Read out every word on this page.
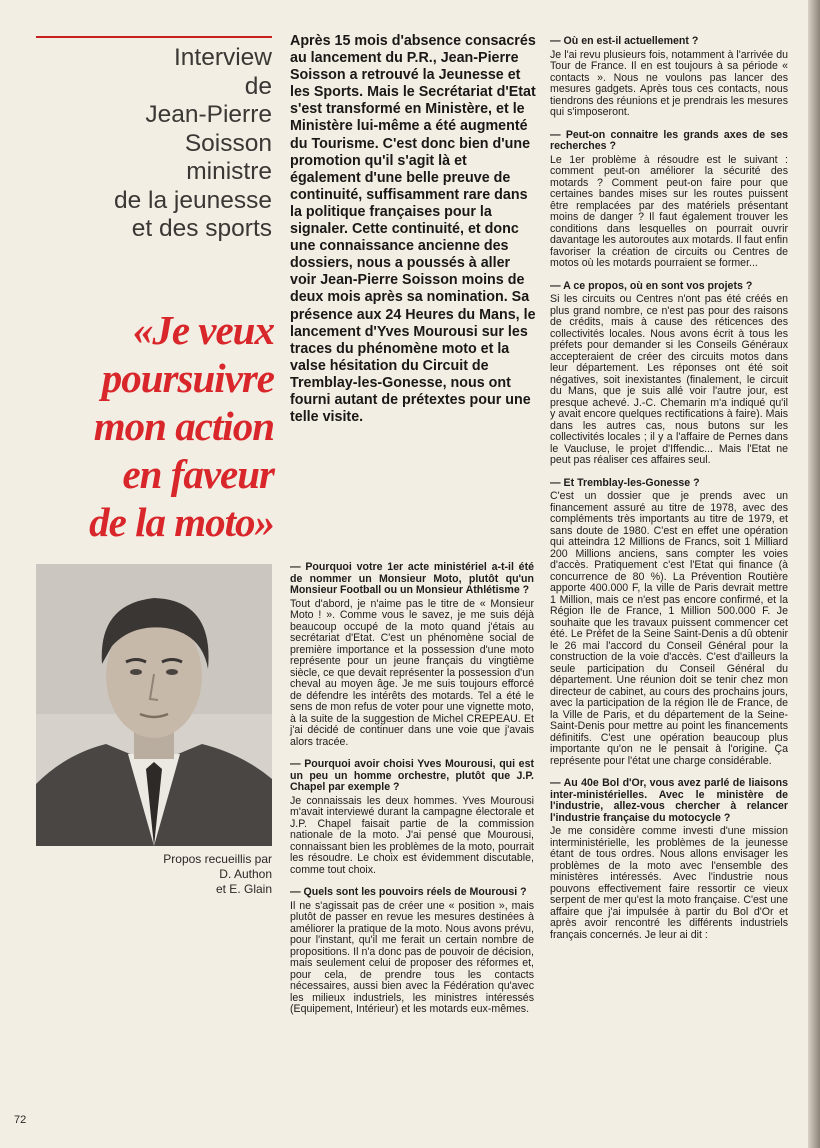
Interview
de
Jean-Pierre
Soisson
ministre
de la jeunesse
et des sports
«Je veux
poursuivre
mon action
en faveur
de la moto»
Propos recueillis par
D. Authon
et E. Glain
Après 15 mois d'absence consacrés au lancement du P.R., Jean-Pierre Soisson a retrouvé la Jeunesse et les Sports. Mais le Secrétariat d'Etat s'est transformé en Ministère, et le Ministère lui-même a été augmenté du Tourisme. C'est donc bien d'une promotion qu'il s'agit là et également d'une belle preuve de continuité, suffisamment rare dans la politique françaises pour la signaler. Cette continuité, et donc une connaissance ancienne des dossiers, nous a poussés à aller voir Jean-Pierre Soisson moins de deux mois après sa nomination. Sa présence aux 24 Heures du Mans, le lancement d'Yves Mourousi sur les traces du phénomène moto et la valse hésitation du Circuit de Tremblay-les-Gonesse, nous ont fourni autant de prétextes pour une telle visite.

— Pourquoi votre 1er acte ministériel a-t-il été de nommer un Monsieur Moto, plutôt qu'un Monsieur Football ou un Monsieur Athlétisme ?

Tout d'abord, je n'aime pas le titre de « Monsieur Moto ! ». Comme vous le savez, je me suis déjà beaucoup occupé de la moto quand j'étais au secrétariat d'Etat. C'est un phénomène social de première importance et la possession d'une moto représente pour un jeune français du vingtième siècle, ce que devait représenter la possession d'un cheval au moyen âge. Je me suis toujours efforcé de défendre les intérêts des motards. Tel a été le sens de mon refus de voter pour une vignette moto, à la suite de la suggestion de Michel CREPEAU. Et j'ai décidé de continuer dans une voie que j'avais alors tracée.

— Pourquoi avoir choisi Yves Mourousi, qui est un peu un homme orchestre, plutôt que J.P. Chapel par exemple ?

Je connaissais les deux hommes. Yves Mourousi m'avait interviewé durant la campagne électorale et J.P. Chapel faisait partie de la commission nationale de la moto. J'ai pensé que Mourousi, connaissant bien les problèmes de la moto, pourrait les résoudre. Le choix est évidemment discutable, comme tout choix.

— Quels sont les pouvoirs réels de Mourousi ?

Il ne s'agissait pas de créer une « position », mais plutôt de passer en revue les mesures destinées à améliorer la pratique de la moto. Nous avons prévu, pour l'instant, qu'il me ferait un certain nombre de propositions. Il n'a donc pas de pouvoir de décision, mais seulement celui de proposer des réformes et, pour cela, de prendre tous les contacts nécessaires, aussi bien avec la Fédération qu'avec les milieux industriels, les ministres intéressés (Equipement, Intérieur) et les motards eux-mêmes.

— Où en est-il actuellement ?

Je l'ai revu plusieurs fois, notamment à l'arrivée du Tour de France. Il en est toujours à sa période « contacts ». Nous ne voulons pas lancer des mesures gadgets. Après tous ces contacts, nous tiendrons des réunions et je prendrais les mesures qui s'imposeront.

— Peut-on connaitre les grands axes de ses recherches ?

Le 1er problème à résoudre est le suivant : comment peut-on améliorer la sécurité des motards ? Comment peut-on faire pour que certaines bandes mises sur les routes puissent être remplacées par des matériels présentant moins de danger ? Il faut également trouver les conditions dans lesquelles on pourrait ouvrir davantage les autoroutes aux motards. Il faut enfin favoriser la création de circuits ou Centres de motos où les motards pourraient se former...

— A ce propos, où en sont vos projets ?

Si les circuits ou Centres n'ont pas été créés en plus grand nombre, ce n'est pas pour des raisons de crédits, mais à cause des réticences des collectivités locales. Nous avons écrit à tous les préfets pour demander si les Conseils Généraux accepteraient de créer des circuits motos dans leur département. Les réponses ont été soit négatives, soit inexistantes (finalement, le circuit du Mans, que je suis allé voir l'autre jour, est presque achevé. J.-C. Chemarin m'a indiqué qu'il y avait encore quelques rectifications à faire). Mais dans les autres cas, nous butons sur les collectivités locales ; il y a l'affaire de Pernes dans le Vaucluse, le projet d'Iffendic... Mais l'Etat ne peut pas réaliser ces affaires seul.

— Et Tremblay-les-Gonesse ?

C'est un dossier que je prends avec un financement assuré au titre de 1978, avec des compléments très importants au titre de 1979, et sans doute de 1980. C'est en effet une opération qui atteindra 12 Millions de Francs, soit 1 Milliard 200 Millions anciens, sans compter les voies d'accès. Pratiquement c'est l'Etat qui finance (à concurrence de 80 %). La Prévention Routière apporte 400.000 F, la ville de Paris devrait mettre 1 Million, mais ce n'est pas encore confirmé, et la Région Ile de France, 1 Million 500.000 F. Je souhaite que les travaux puissent commencer cet été. Le Préfet de la Seine Saint-Denis a dû obtenir le 26 mai l'accord du Conseil Général pour la construction de la voie d'accès. C'est d'ailleurs la seule participation du Conseil Général du département. Une réunion doit se tenir chez mon directeur de cabinet, au cours des prochains jours, avec la participation de la région Ile de France, de la Ville de Paris, et du département de la Seine-Saint-Denis pour mettre au point les financements définitifs. C'est une opération beaucoup plus importante qu'on ne le pensait à l'origine. Ça représente pour l'état une charge considérable.

— Au 40e Bol d'Or, vous avez parlé de liaisons inter-ministérielles. Avec le ministère de l'industrie, allez-vous chercher à relancer l'industrie française du motocycle ?

Je me considère comme investi d'une mission interministérielle, les problèmes de la jeunesse étant de tous ordres. Nous allons envisager les problèmes de la moto avec l'ensemble des ministères intéressés. Avec l'industrie nous pouvons effectivement faire ressortir ce vieux serpent de mer qu'est la moto française. C'est une affaire que j'ai impulsée à partir du Bol d'Or et après avoir rencontré les différents industriels français concernés. Je leur ai dit :

72
